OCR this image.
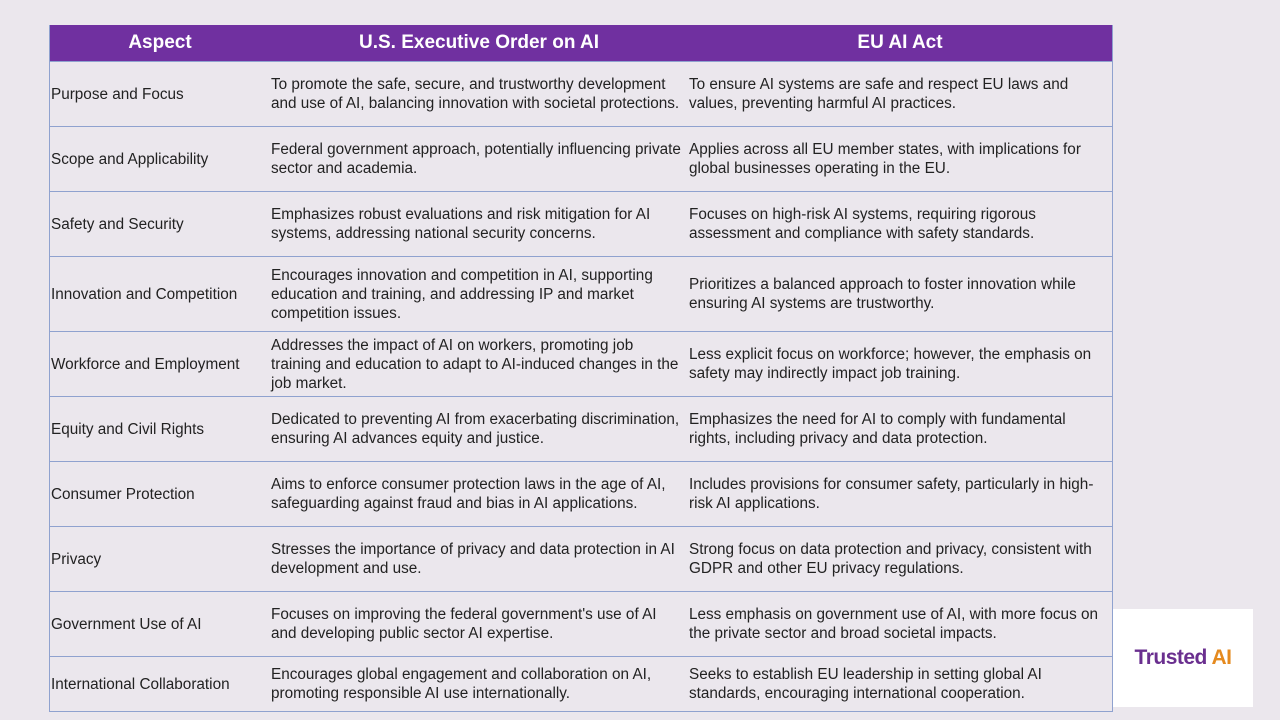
Aspect	U.S. Executive Order on AI	EU AI Act
Purpose and Focus
To promote the safe, secure, and trustworthy development and use of AI, balancing innovation with societal protections.
To ensure AI systems are safe and respect EU laws and values, preventing harmful AI practices.
Scope and Applicability
Federal government approach, potentially influencing private sector and academia.
Applies across all EU member states, with implications for global businesses operating in the EU.
Safety and Security
Emphasizes robust evaluations and risk mitigation for AI systems, addressing national security concerns.
Focuses on high-risk AI systems, requiring rigorous assessment and compliance with safety standards.
Innovation and Competition
Encourages innovation and competition in AI, supporting education and training, and addressing IP and market competition issues.
Prioritizes a balanced approach to foster innovation while ensuring AI systems are trustworthy.
Workforce and Employment
Addresses the impact of AI on workers, promoting job training and education to adapt to AI-induced changes in the job market.
Less explicit focus on workforce; however, the emphasis on safety may indirectly impact job training.
Equity and Civil Rights
Dedicated to preventing AI from exacerbating discrimination, ensuring AI advances equity and justice.
Emphasizes the need for AI to comply with fundamental rights, including privacy and data protection.
Consumer Protection
Aims to enforce consumer protection laws in the age of AI, safeguarding against fraud and bias in AI applications.
Includes provisions for consumer safety, particularly in high-risk AI applications.
Privacy
Stresses the importance of privacy and data protection in AI development and use.
Strong focus on data protection and privacy, consistent with GDPR and other EU privacy regulations.
Government Use of AI
Focuses on improving the federal government's use of AI and developing public sector AI expertise.
Less emphasis on government use of AI, with more focus on the private sector and broad societal impacts.
International Collaboration
Encourages global engagement and collaboration on AI, promoting responsible AI use internationally.
Seeks to establish EU leadership in setting global AI standards, encouraging international cooperation.
Trusted AI
